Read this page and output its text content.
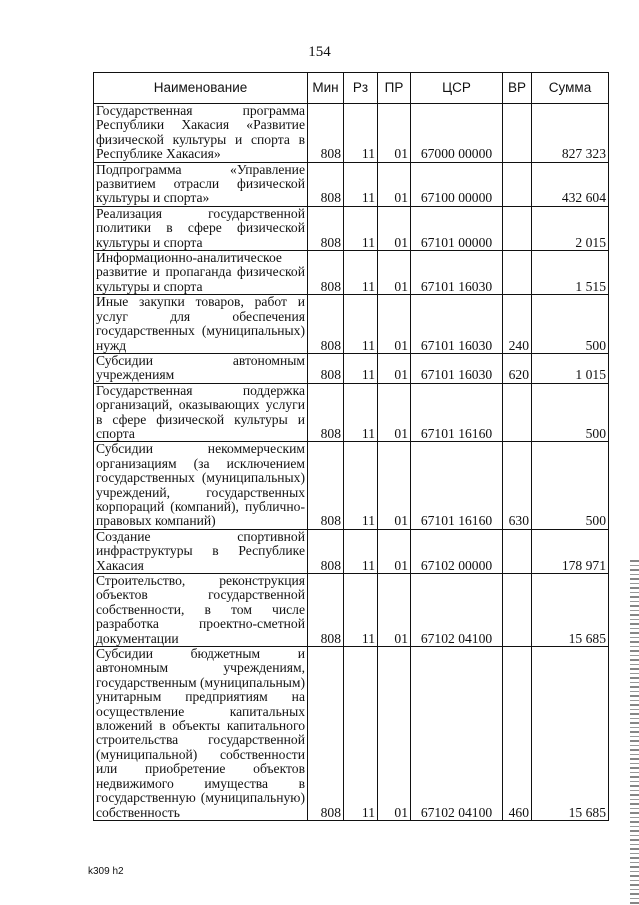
154
Наименование	Мин	Рз	ПР	ЦСР	ВР	Сумма
Государственная программа Республики Хакасия «Развитие физической культуры и спорта в Республике Хакасия»	808	11	01	67000 00000		827 323
Подпрограмма «Управление развитием отрасли физической культуры и спорта»	808	11	01	67100 00000		432 604
Реализация государственной политики в сфере физической культуры и спорта	808	11	01	67101 00000		2 015
Информационно-аналитическое развитие и пропаганда физической культуры и спорта	808	11	01	67101 16030		1 515
Иные закупки товаров, работ и услуг для обеспечения государственных (муниципальных) нужд	808	11	01	67101 16030	240	500
Субсидии автономным учреждениям	808	11	01	67101 16030	620	1 015
Государственная поддержка организаций, оказывающих услуги в сфере физической культуры и спорта	808	11	01	67101 16160		500
Субсидии некоммерческим организациям (за исключением государственных (муниципальных) учреждений, государственных корпораций (компаний), публично-правовых компаний)	808	11	01	67101 16160	630	500
Создание спортивной инфраструктуры в Республике Хакасия	808	11	01	67102 00000		178 971
Строительство, реконструкция объектов государственной собственности, в том числе разработка проектно-сметной документации	808	11	01	67102 04100		15 685
Субсидии бюджетным и автономным учреждениям, государственным (муниципальным) унитарным предприятиям на осуществление капитальных вложений в объекты капитального строительства государственной (муниципальной) собственности или приобретение объектов недвижимого имущества в государственную (муниципальную) собственность	808	11	01	67102 04100	460	15 685
k309 h2
